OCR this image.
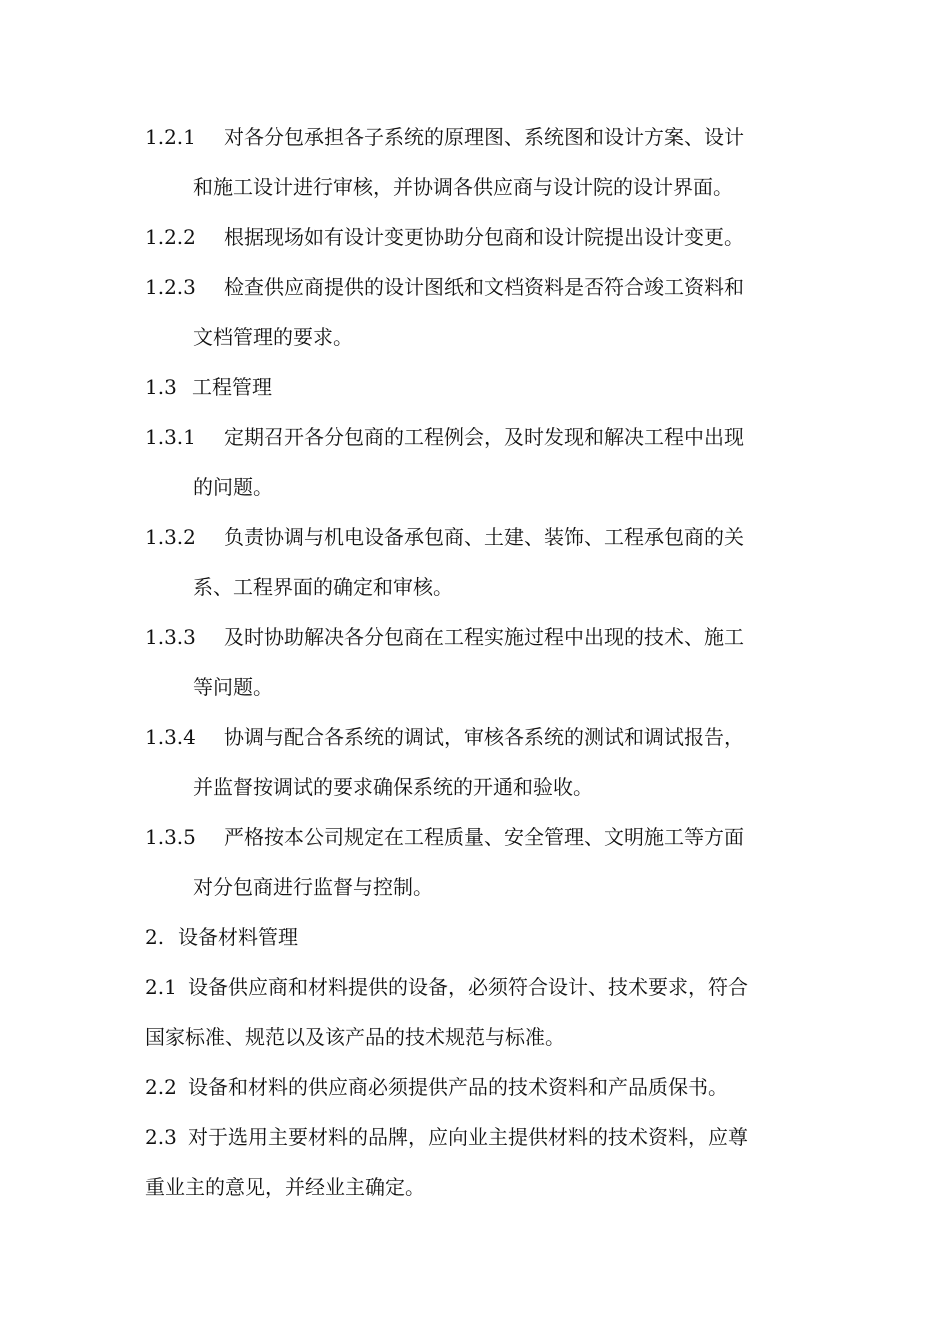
1.2.1 对各分包承担各子系统的原理图、系统图和设计方案、设计
和施工设计进行审核，并协调各供应商与设计院的设计界面。
1.2.2 根据现场如有设计变更协助分包商和设计院提出设计变更。
1.2.3 检查供应商提供的设计图纸和文档资料是否符合竣工资料和
文档管理的要求。
1.3 工程管理
1.3.1 定期召开各分包商的工程例会，及时发现和解决工程中出现
的问题。
1.3.2 负责协调与机电设备承包商、土建、装饰、工程承包商的关
系、工程界面的确定和审核。
1.3.3 及时协助解决各分包商在工程实施过程中出现的技术、施工
等问题。
1.3.4 协调与配合各系统的调试，审核各系统的测试和调试报告，
并监督按调试的要求确保系统的开通和验收。
1.3.5 严格按本公司规定在工程质量、安全管理、文明施工等方面
对分包商进行监督与控制。
2. 设备材料管理
2.1 设备供应商和材料提供的设备，必须符合设计、技术要求，符合
国家标准、规范以及该产品的技术规范与标准。
2.2 设备和材料的供应商必须提供产品的技术资料和产品质保书。
2.3 对于选用主要材料的品牌，应向业主提供材料的技术资料，应尊
重业主的意见，并经业主确定。
